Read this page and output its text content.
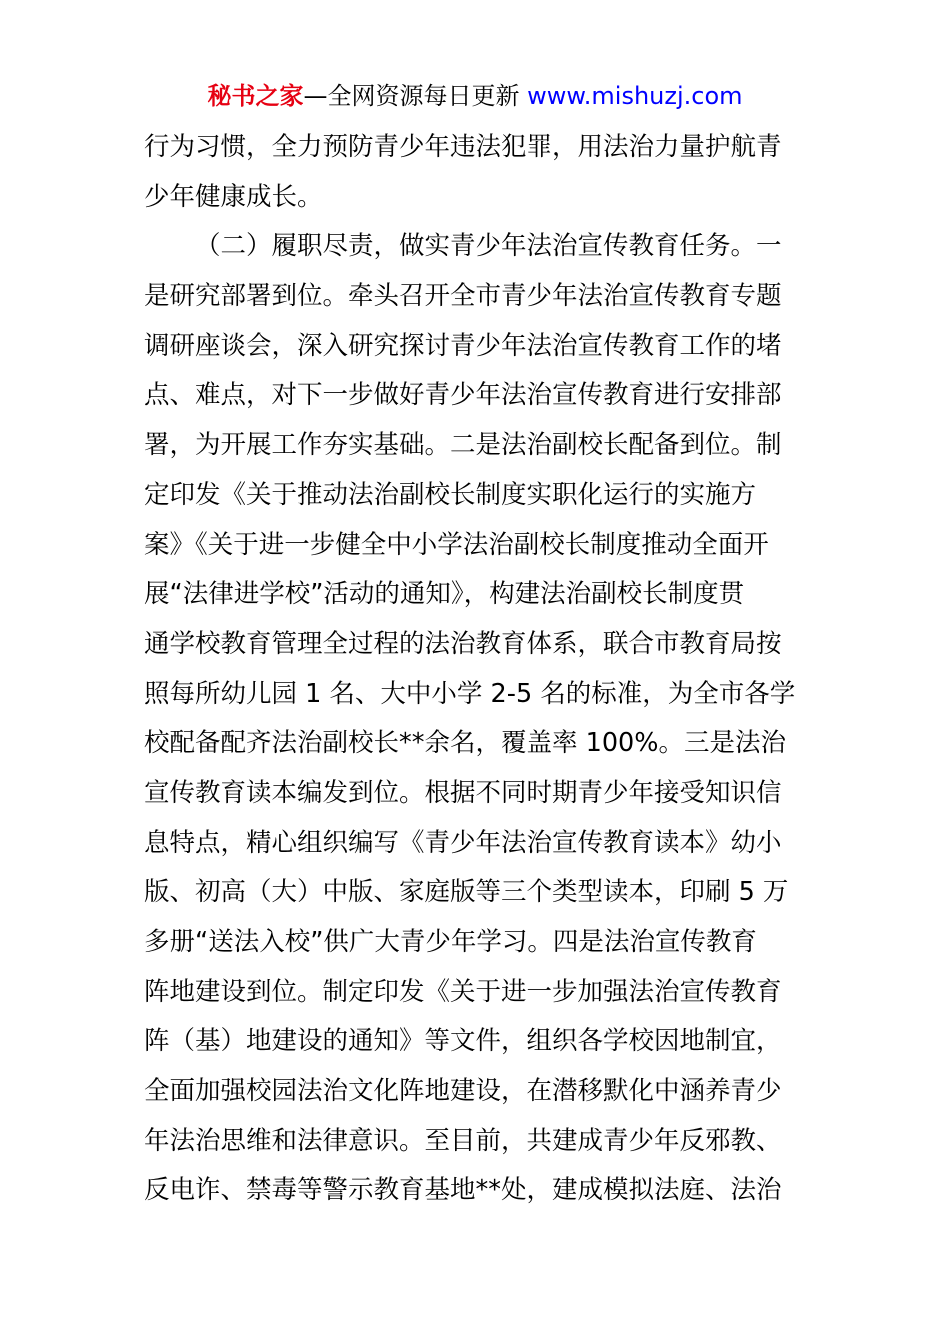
秘书之家—全网资源每日更新 www.mishuzj.com
行为习惯，全力预防青少年违法犯罪，用法治力量护航青
少年健康成长。
（二）履职尽责，做实青少年法治宣传教育任务。一
是研究部署到位。牵头召开全市青少年法治宣传教育专题
调研座谈会，深入研究探讨青少年法治宣传教育工作的堵
点、难点，对下一步做好青少年法治宣传教育进行安排部
署，为开展工作夯实基础。二是法治副校长配备到位。制
定印发《关于推动法治副校长制度实职化运行的实施方
案》《关于进一步健全中小学法治副校长制度推动全面开
展“法律进学校”活动的通知》，构建法治副校长制度贯
通学校教育管理全过程的法治教育体系，联合市教育局按
照每所幼儿园 1 名、大中小学 2-5 名的标准，为全市各学
校配备配齐法治副校长**余名，覆盖率 100%。三是法治
宣传教育读本编发到位。根据不同时期青少年接受知识信
息特点，精心组织编写《青少年法治宣传教育读本》幼小
版、初高（大）中版、家庭版等三个类型读本，印刷 5 万
多册“送法入校”供广大青少年学习。四是法治宣传教育
阵地建设到位。制定印发《关于进一步加强法治宣传教育
阵（基）地建设的通知》等文件，组织各学校因地制宜，
全面加强校园法治文化阵地建设，在潜移默化中涵养青少
年法治思维和法律意识。至目前，共建成青少年反邪教、
反电诈、禁毒等警示教育基地**处，建成模拟法庭、法治
